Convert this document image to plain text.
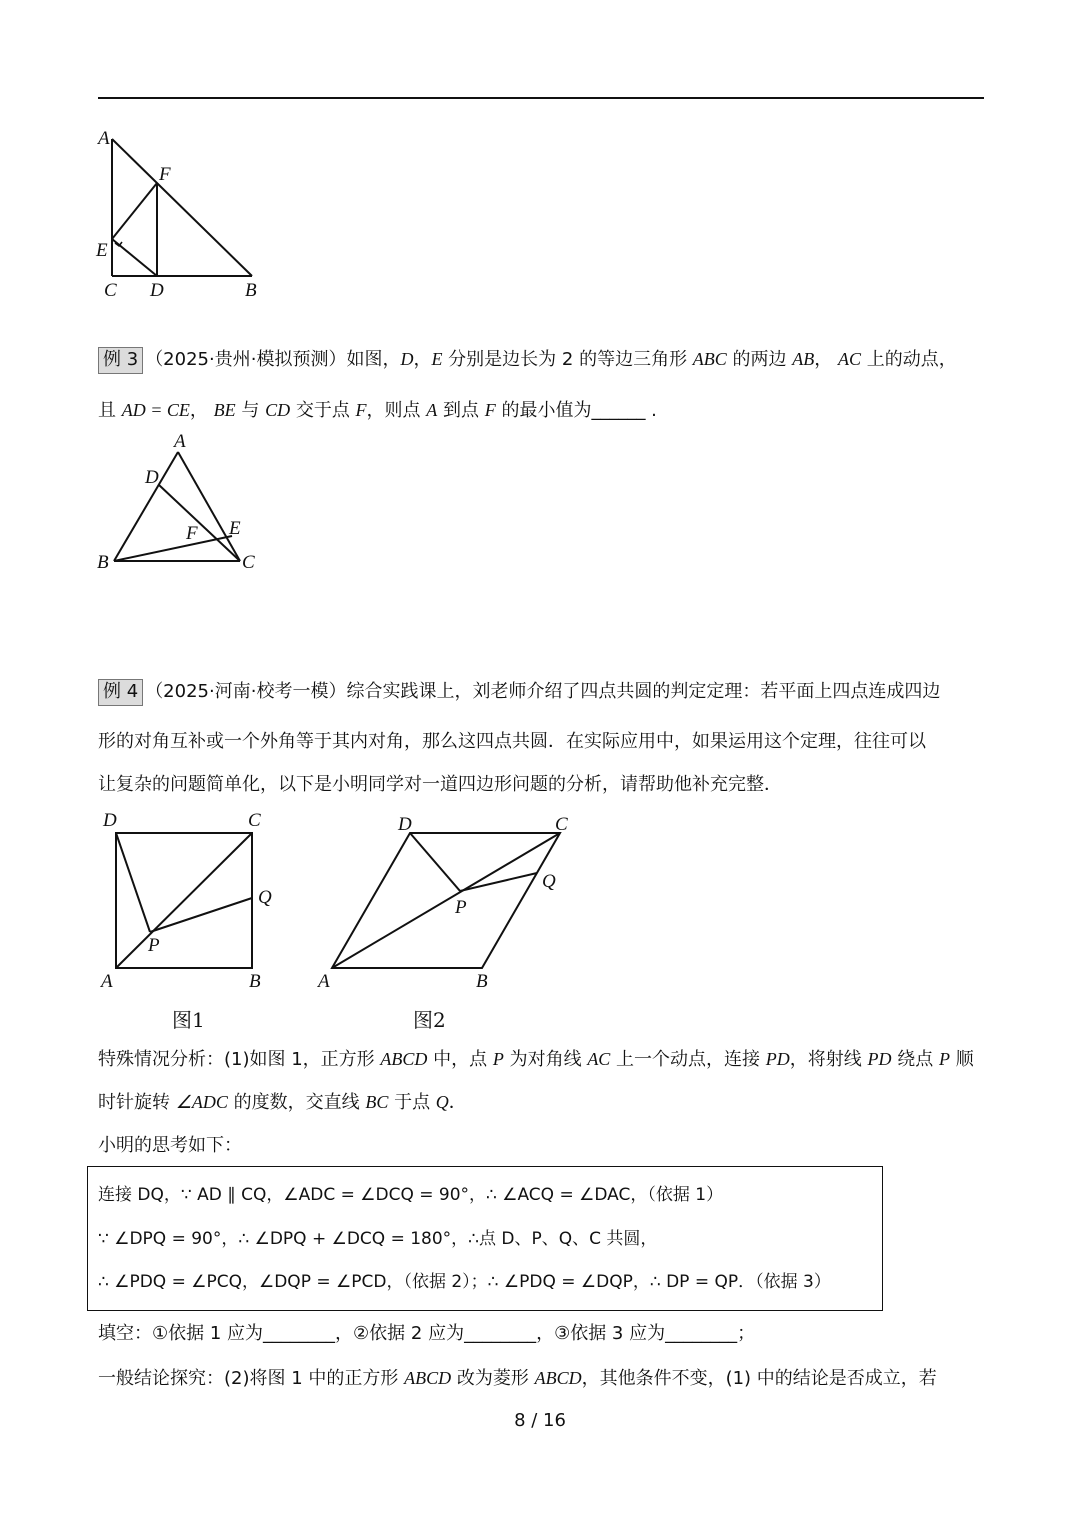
A
F
E
C D	B
例 3 （2025·贵州·模拟预测）如图，D，E 分别是边长为 2 的等边三角形 ABC 的两边 AB， AC 上的动点，
且 AD = CE， BE 与 CD 交于点 F，则点 A 到点 F 的最小值为______ .
A
D
E
F
B	C
例 4 （2025·河南·校考一模）综合实践课上，刘老师介绍了四点共圆的判定定理：若平面上四点连成四边
形的对角互补或一个外角等于其内对角，那么这四点共圆．在实际应用中，如果运用这个定理，往往可以
让复杂的问题简单化，以下是小明同学对一道四边形问题的分析，请帮助他补充完整．
D	C
Q
P
A	B
图1
D	C
Q
P
A	B
图2
特殊情况分析：(1)如图 1，正方形 ABCD 中，点 P 为对角线 AC 上一个动点，连接 PD，将射线 PD 绕点 P 顺
时针旋转 ∠ADC 的度数，交直线 BC 于点 Q．
小明的思考如下：
连接 DQ，∵ AD ∥ CQ，∠ADC = ∠DCQ = 90°，∴ ∠ACQ = ∠DAC，（依据 1）
∵ ∠DPQ = 90°，∴ ∠DPQ + ∠DCQ = 180°，∴点 D、P、Q、C 共圆，
∴ ∠PDQ = ∠PCQ，∠DQP = ∠PCD，（依据 2）；∴ ∠PDQ = ∠DQP，∴ DP = QP．（依据 3）
填空：①依据 1 应为________，②依据 2 应为________，③依据 3 应为________；
一般结论探究：(2)将图 1 中的正方形 ABCD 改为菱形 ABCD，其他条件不变，(1) 中的结论是否成立，若
8 / 16
